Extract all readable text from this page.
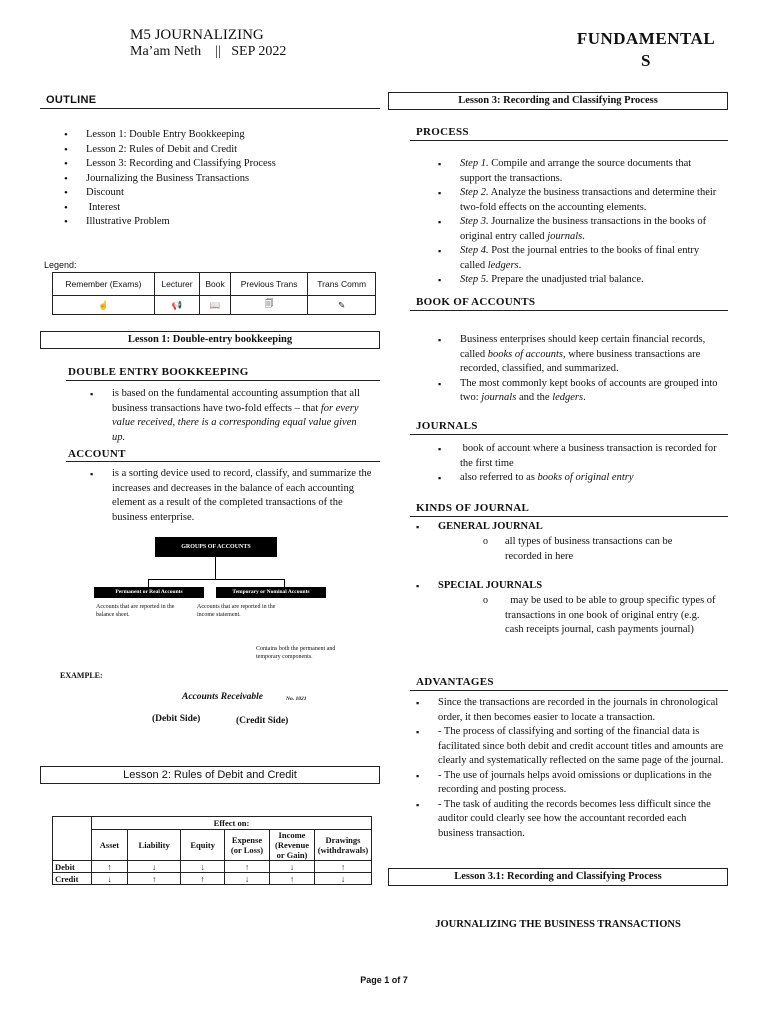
M5 JOURNALIZING
Ma’am Neth    ||   SEP 2022
FUNDAMENTAL
S
OUTLINE
• Lesson 1: Double Entry Bookkeeping
• Lesson 2: Rules of Debit and Credit
• Lesson 3: Recording and Classifying Process
• Journalizing the Business Transactions
• Discount
•  Interest
• Illustrative Problem
Legend:
Remember (Exams)	Lecturer	Book	Previous Trans	Trans Comm
☝	📢	📖	🗐	✎
Lesson 1: Double-entry bookkeeping
DOUBLE ENTRY BOOKKEEPING
▪ is based on the fundamental accounting assumption that all business transactions have two-fold effects – that for every value received, there is a corresponding equal value given up.
ACCOUNT
▪ is a sorting device used to record, classify, and summarize the increases and decreases in the balance of each accounting element as a result of the completed transactions of the business enterprise.
GROUPS OF ACCOUNTS
Permanent or Real Accounts	Temporary or Nominal Accounts
Accounts that are reported in the balance sheet.
Accounts that are reported in the income statement.
Contains both the permanent and temporary components.
EXAMPLE:
Accounts Receivable	No. 1021
(Debit Side)	(Credit Side)
Lesson 2: Rules of Debit and Credit
	Effect on:					
	Asset	Liability	Equity	Expense (or Loss)	Income (Revenue or Gain)	Drawings (withdrawals)
Debit	↑	↓	↓	↑	↓	↑
Credit	↓	↑	↑	↓	↑	↓
Lesson 3: Recording and Classifying Process
PROCESS
▪ Step 1. Compile and arrange the source documents that support the transactions.
▪ Step 2. Analyze the business transactions and determine their two-fold effects on the accounting elements.
▪ Step 3. Journalize the business transactions in the books of original entry called journals.
▪ Step 4. Post the journal entries to the books of final entry called ledgers.
▪ Step 5. Prepare the unadjusted trial balance.
BOOK OF ACCOUNTS
▪ Business enterprises should keep certain financial records, called books of accounts, where business transactions are recorded, classified, and summarized.
▪ The most commonly kept books of accounts are grouped into two: journals and the ledgers.
JOURNALS
▪  book of account where a business transaction is recorded for the first time
▪ also referred to as books of original entry
KINDS OF JOURNAL
▪ GENERAL JOURNAL
o all types of business transactions can be recorded in here
▪ SPECIAL JOURNALS
o   may be used to be able to group specific types of transactions in one book of original entry (e.g. cash receipts journal, cash payments journal)
ADVANTAGES
▪ Since the transactions are recorded in the journals in chronological order, it then becomes easier to locate a transaction.
▪ - The process of classifying and sorting of the financial data is facilitated since both debit and credit account titles and amounts are clearly and systematically reflected on the same page of the journal.
▪ - The use of journals helps avoid omissions or duplications in the recording and posting process.
▪ - The task of auditing the records becomes less difficult since the auditor could clearly see how the accountant recorded each business transaction.
Lesson 3.1: Recording and Classifying Process
JOURNALIZING THE BUSINESS TRANSACTIONS
Page 1 of 7
